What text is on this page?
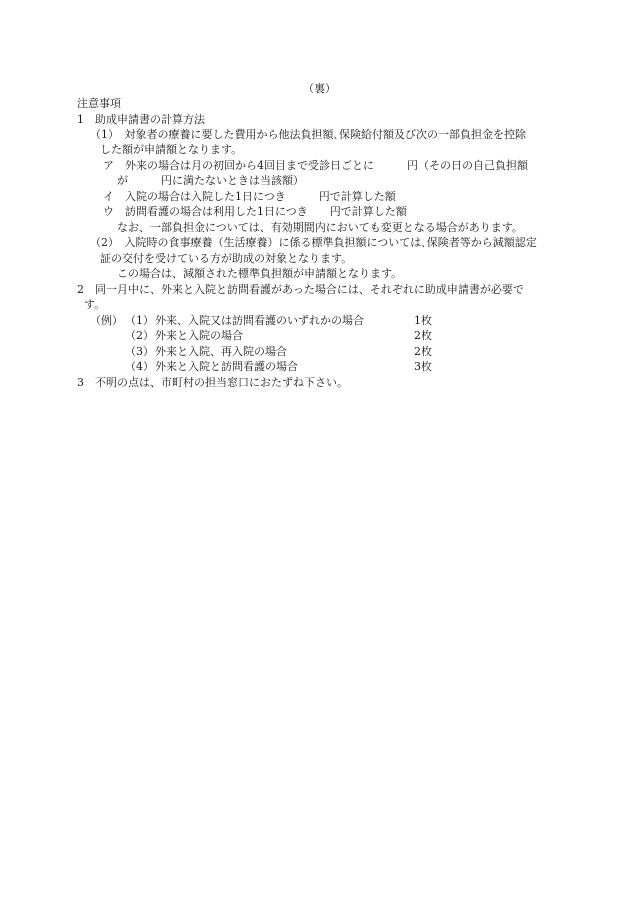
（裏）
注意事項
1　助成申請書の計算方法
（1）　対象者の療養に要した費用から他法負担額､保険給付額及び次の一部負担金を控除
した額が申請額となります。
ア　外来の場合は月の初回から4回目まで受診日ごとに　　　円（その日の自己負担額
が　　　円に満たないときは当該額）
イ　入院の場合は入院した1日につき　　　円で計算した額
ウ　訪問看護の場合は利用した1日につき　　円で計算した額
なお、一部負担金については、有効期間内においても変更となる場合があります。
（2）　入院時の食事療養（生活療養）に係る標準負担額については､保険者等から減額認定
証の交付を受けている方が助成の対象となります。
この場合は、減額された標準負担額が申請額となります。
2　同一月中に、外来と入院と訪問看護があった場合には、それぞれに助成申請書が必要で
す。
（例） （1） 外来、入院又は訪問看護のいずれかの場合	1枚
（2） 外来と入院の場合	2枚
（3） 外来と入院、再入院の場合	2枚
（4） 外来と入院と訪問看護の場合	3枚
3　不明の点は、市町村の担当窓口におたずね下さい。
